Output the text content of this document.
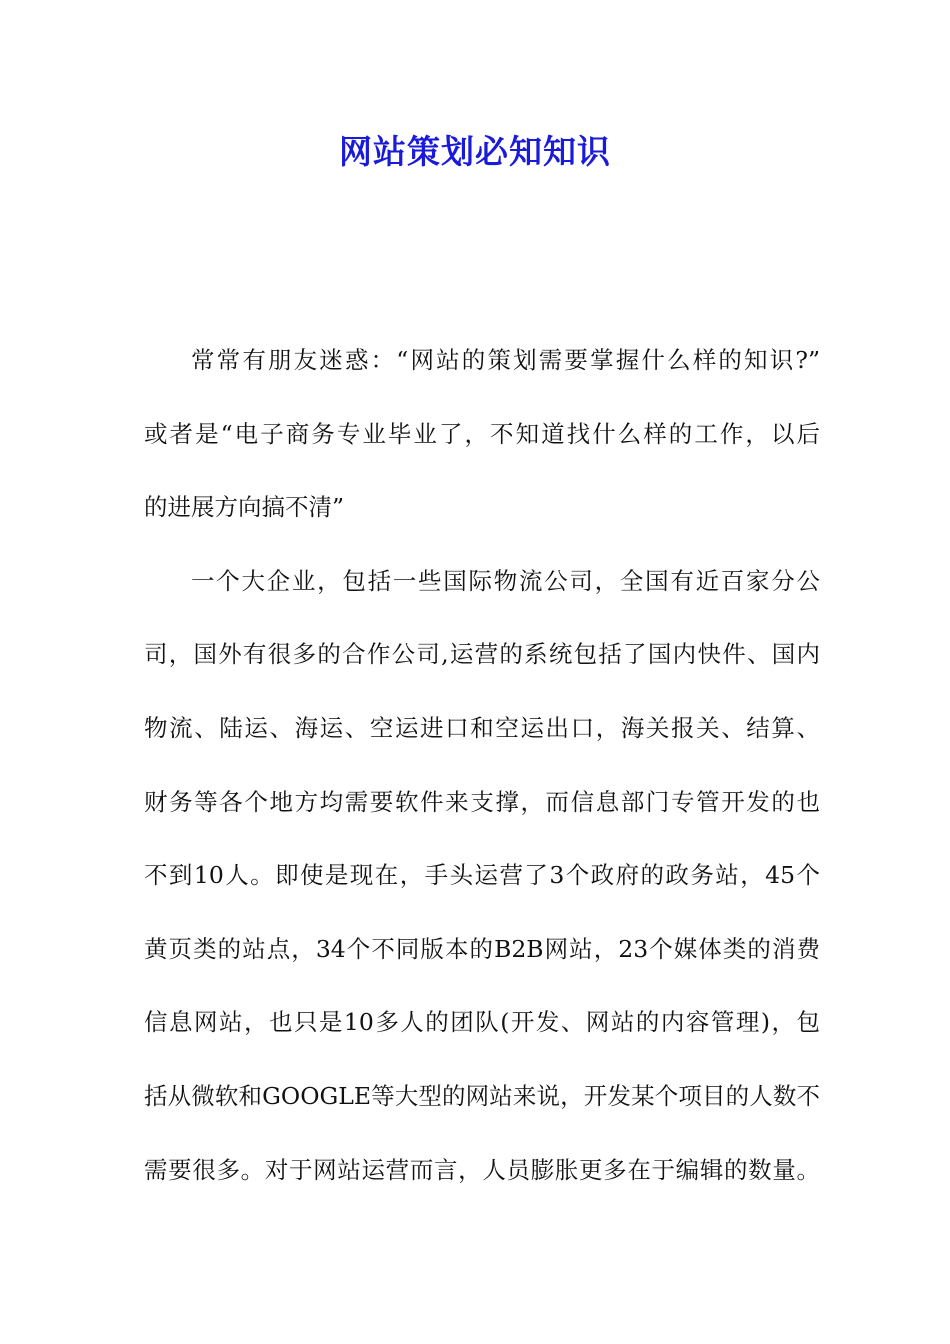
网站策划必知知识
常常有朋友迷惑：“网站的策划需要掌握什么样的知识?”
或者是“电子商务专业毕业了，不知道找什么样的工作，以后
的进展方向搞不清”
一个大企业，包括一些国际物流公司，全国有近百家分公
司，国外有很多的合作公司,运营的系统包括了国内快件、国内
物流、陆运、海运、空运进口和空运出口，海关报关、结算、
财务等各个地方均需要软件来支撑，而信息部门专管开发的也
不到10人。即使是现在，手头运营了3个政府的政务站，45个
黄页类的站点，34个不同版本的B2B网站，23个媒体类的消费
信息网站，也只是10多人的团队(开发、网站的内容管理)，包
括从微软和GOOGLE等大型的网站来说，开发某个项目的人数不
需要很多。对于网站运营而言，人员膨胀更多在于编辑的数量。
